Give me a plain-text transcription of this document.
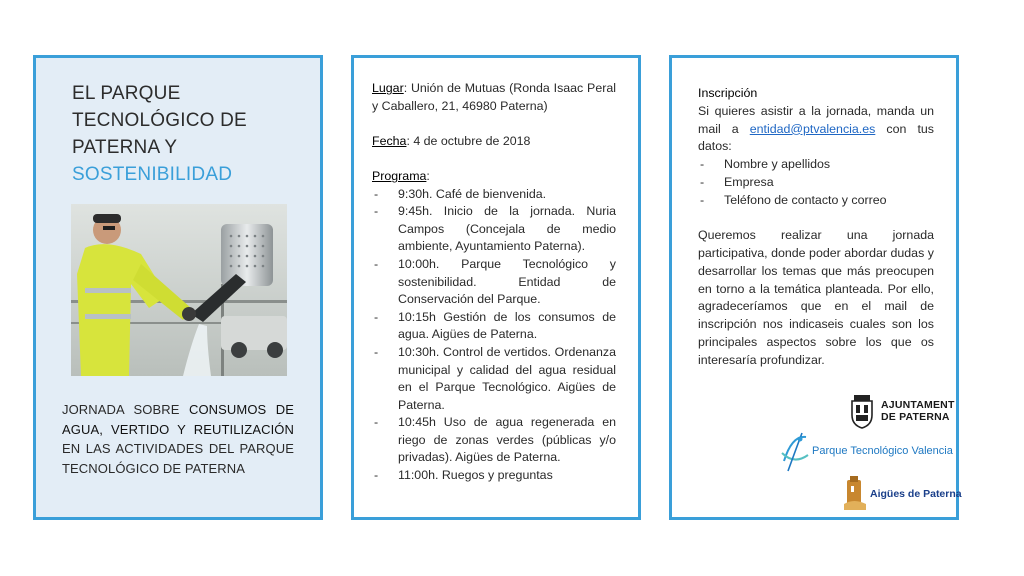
EL PARQUE
TECNOLÓGICO DE
PATERNA Y
SOSTENIBILIDAD
JORNADA SOBRE CONSUMOS DE AGUA, VERTIDO Y REUTILIZACIÓN EN LAS ACTIVIDADES DEL PARQUE TECNOLÓGICO DE PATERNA

Lugar: Unión de Mutuas (Ronda Isaac Peral y Caballero, 21, 46980 Paterna)

Fecha: 4 de octubre de 2018

Programa:

- 9:30h. Café de bienvenida.
- 9:45h. Inicio de la jornada. Nuria Campos (Concejala de medio ambiente, Ayuntamiento Paterna).
- 10:00h. Parque Tecnológico y sostenibilidad. Entidad de Conservación del Parque.
- 10:15h Gestión de los consumos de agua. Aigües de Paterna.
- 10:30h. Control de vertidos. Ordenanza municipal y calidad del agua residual en el Parque Tecnológico. Aigües de Paterna.
- 10:45h Uso de agua regenerada en riego de zonas verdes (públicas y/o privadas). Aigües de Paterna.
- 11:00h. Ruegos y preguntas

Inscripción

Si quieres asistir a la jornada, manda un mail a entidad@ptvalencia.es con tus datos:

- Nombre y apellidos
- Empresa
- Teléfono de contacto y correo

Queremos realizar una jornada participativa, donde poder abordar dudas y desarrollar los temas que más preocupen en torno a la temática planteada. Por ello, agradeceríamos que en el mail de inscripción nos indicaseis cuales son los principales aspectos sobre los que os interesaría profundizar.

AJUNTAMENT
DE PATERNA
Parque Tecnológico Valencia
Aigües de Paterna
